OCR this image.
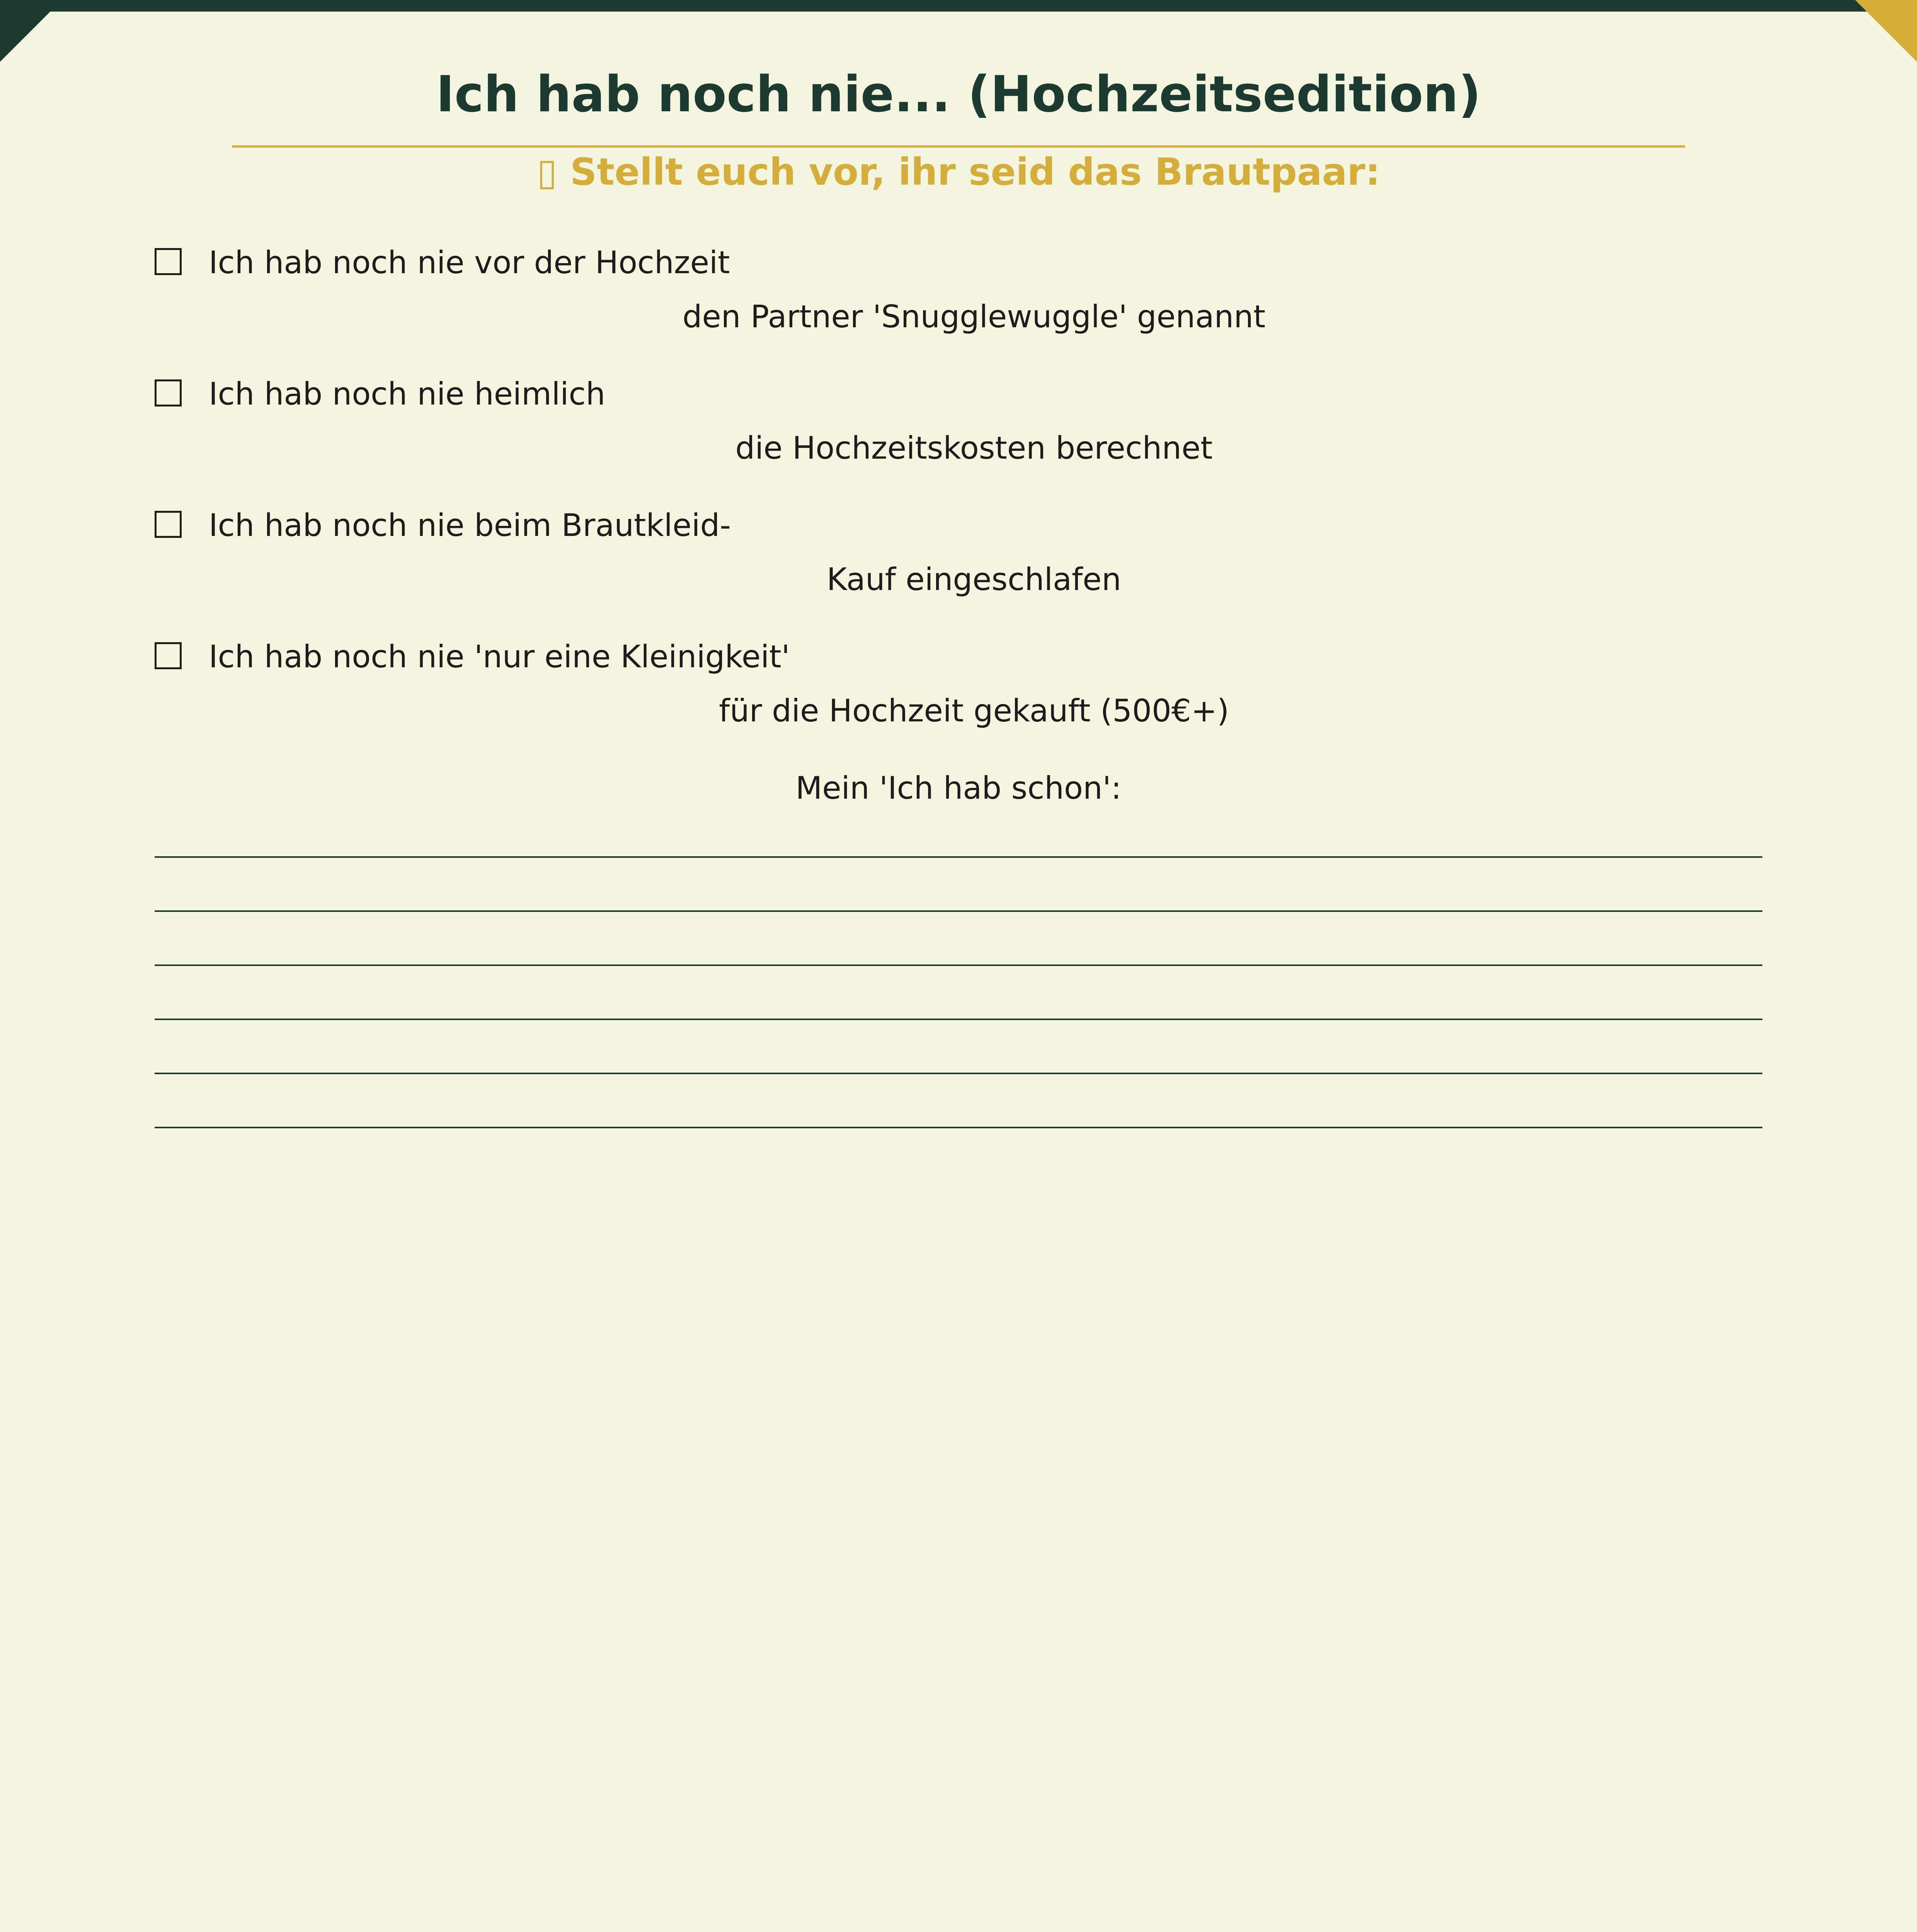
Ich hab noch nie... (Hochzeitsedition)
▯ Stellt euch vor, ihr seid das Brautpaar:
Ich hab noch nie vor der Hochzeit
den Partner 'Snugglewuggle' genannt
Ich hab noch nie heimlich
die Hochzeitskosten berechnet
Ich hab noch nie beim Brautkleid-
Kauf eingeschlafen
Ich hab noch nie 'nur eine Kleinigkeit'
für die Hochzeit gekauft (500€+)
Mein 'Ich hab schon':
